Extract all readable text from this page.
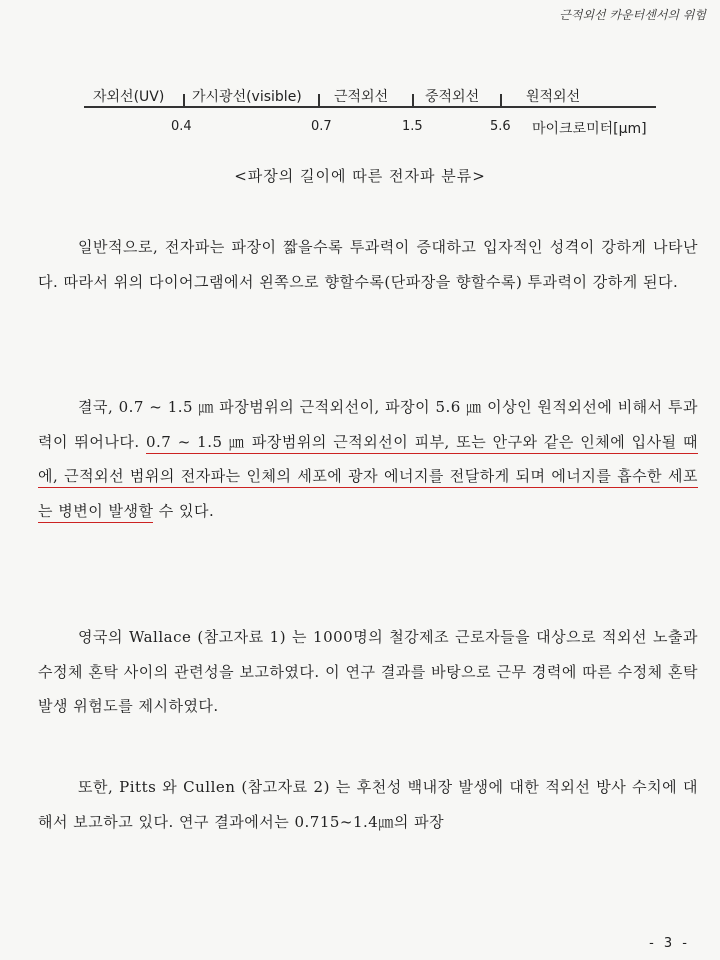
근적외선 카운터센서의 위험
자외선(UV) 가시광선(visible) 근적외선	중적외선	원적외선
0.4	0.7	1.5	5.6 마이크로미터[μm]
<파장의 길이에 따른 전자파 분류>

일반적으로, 전자파는 파장이 짧을수록 투과력이 증대하고 입자적인 성격이 강하게 나타난다. 따라서 위의 다이어그램에서 왼쪽으로 향할수록(단파장을 향할수록) 투과력이 강하게 된다.

결국, 0.7 ~ 1.5 ㎛ 파장범위의 근적외선이, 파장이 5.6 ㎛ 이상인 원적외선에 비해서 투과력이 뛰어나다. 0.7 ~ 1.5 ㎛ 파장범위의 근적외선이 피부, 또는 안구와 같은 인체에 입사될 때에, 근적외선 범위의 전자파는 인체의 세포에 광자 에너지를 전달하게 되며 에너지를 흡수한 세포는 병변이 발생할 수 있다.

영국의 Wallace (참고자료 1) 는 1000명의 철강제조 근로자들을 대상으로 적외선 노출과 수정체 혼탁 사이의 관련성을 보고하였다. 이 연구 결과를 바탕으로 근무 경력에 따른 수정체 혼탁 발생 위험도를 제시하였다.

또한, Pitts 와 Cullen (참고자료 2) 는 후천성 백내장 발생에 대한 적외선 방사 수치에 대해서 보고하고 있다. 연구 결과에서는 0.715~1.4㎛의 파장

- 3 -
